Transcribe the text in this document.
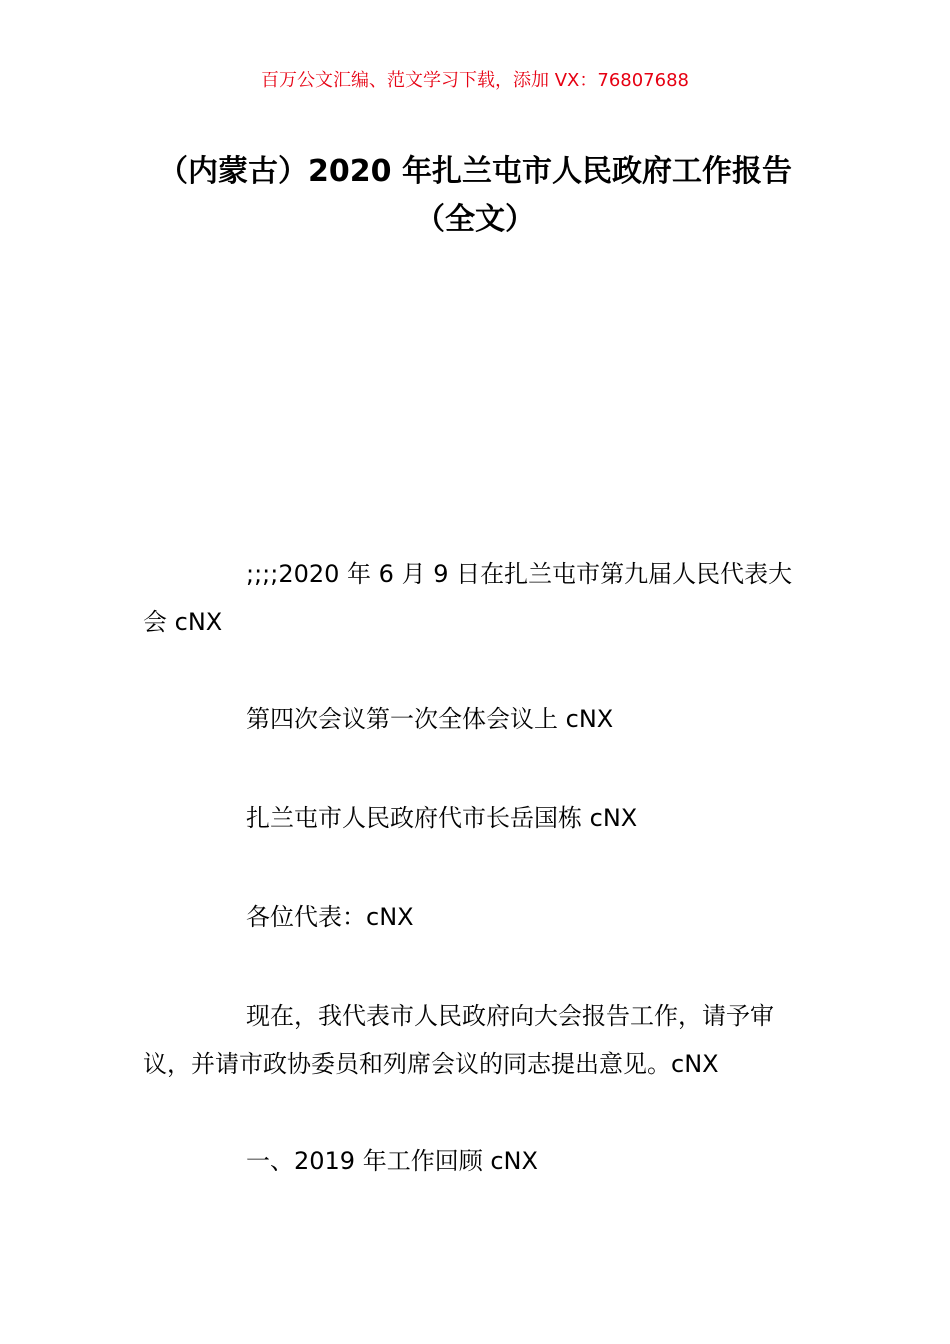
百万公文汇编、范文学习下载，添加 VX：76807688
（内蒙古）2020 年扎兰屯市人民政府工作报告（全文）

;;;;2020 年 6 月 9 日在扎兰屯市第九届人民代表大会 cNX

第四次会议第一次全体会议上 cNX

扎兰屯市人民政府代市长岳国栋 cNX

各位代表：cNX

现在，我代表市人民政府向大会报告工作，请予审议，并请市政协委员和列席会议的同志提出意见。cNX

一、2019 年工作回顾 cNX
